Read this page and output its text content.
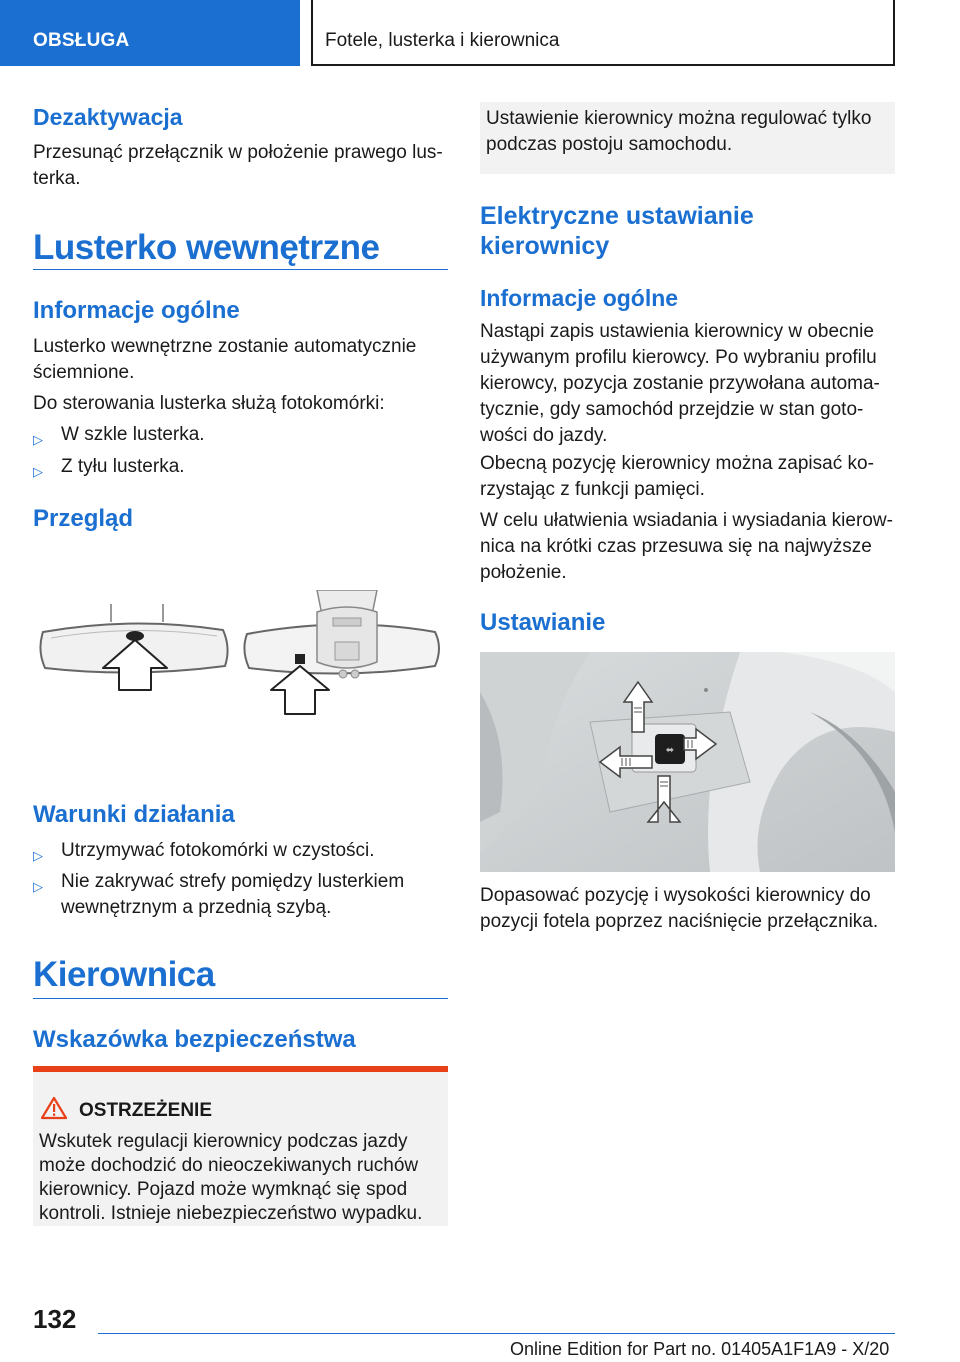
OBSŁUGA	Fotele, lusterka i kierownica
Dezaktywacja
Przesunąć przełącznik w położenie prawego lus-
terka.
Lusterko wewnętrzne
Informacje ogólne
Lusterko wewnętrzne zostanie automatycznie
ściemnione.
Do sterowania lusterka służą fotokomórki:
▷ W szkle lusterka.
▷ Z tyłu lusterka.
Przegląd
Warunki działania
▷ Utrzymywać fotokomórki w czystości.
▷ Nie zakrywać strefy pomiędzy lusterkiem
wewnętrznym a przednią szybą.
Kierownica
Wskazówka bezpieczeństwa
OSTRZEŻENIE
Wskutek regulacji kierownicy podczas jazdy
może dochodzić do nieoczekiwanych ruchów
kierownicy. Pojazd może wymknąć się spod
kontroli. Istnieje niebezpieczeństwo wypadku.
Ustawienie kierownicy można regulować tylko
podczas postoju samochodu.
Elektryczne ustawianie
kierownicy
Informacje ogólne
Nastąpi zapis ustawienia kierownicy w obecnie
używanym profilu kierowcy. Po wybraniu profilu
kierowcy, pozycja zostanie przywołana automa-
tycznie, gdy samochód przejdzie w stan goto-
wości do jazdy.
Obecną pozycję kierownicy można zapisać ko-
rzystając z funkcji pamięci.
W celu ułatwienia wsiadania i wysiadania kierow-
nica na krótki czas przesuwa się na najwyższe
położenie.
Ustawianie
⬌
Dopasować pozycję i wysokości kierownicy do
pozycji fotela poprzez naciśnięcie przełącznika.
132
Online Edition for Part no. 01405A1F1A9 - X/20
